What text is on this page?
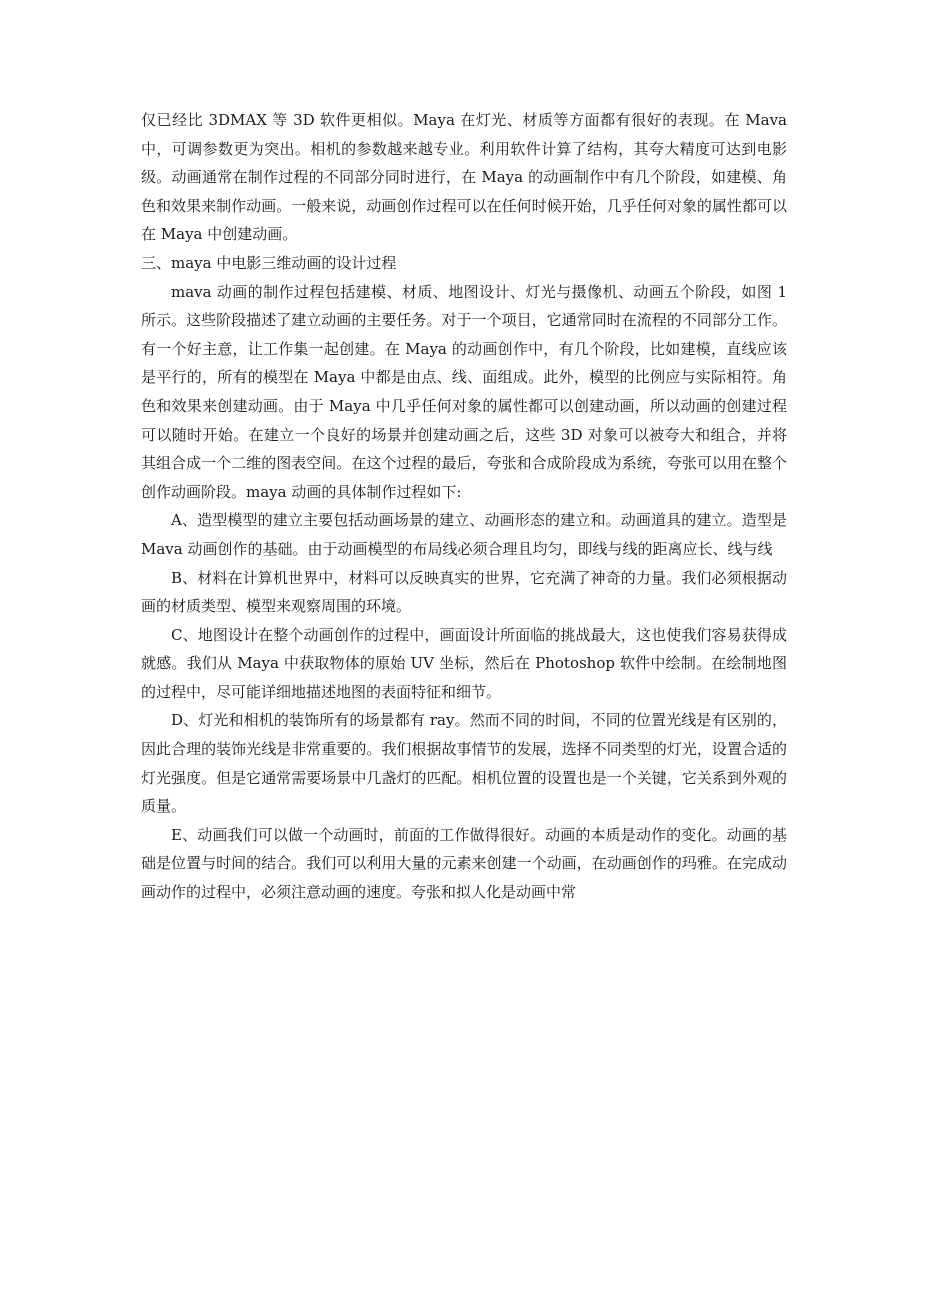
仅已经比 3DMAX 等 3D 软件更相似。Maya 在灯光、材质等方面都有很好的表现。在 Mava 中，可调参数更为突出。相机的参数越来越专业。利用软件计算了结构，其夸大精度可达到电影级。动画通常在制作过程的不同部分同时进行，在 Maya 的动画制作中有几个阶段，如建模、角色和效果来制作动画。一般来说，动画创作过程可以在任何时候开始，几乎任何对象的属性都可以在 Maya 中创建动画。

三、maya 中电影三维动画的设计过程

mava 动画的制作过程包括建模、材质、地图设计、灯光与摄像机、动画五个阶段，如图 1 所示。这些阶段描述了建立动画的主要任务。对于一个项目，它通常同时在流程的不同部分工作。有一个好主意，让工作集一起创建。在 Maya 的动画创作中，有几个阶段，比如建模，直线应该是平行的，所有的模型在 Maya 中都是由点、线、面组成。此外，模型的比例应与实际相符。角色和效果来创建动画。由于 Maya 中几乎任何对象的属性都可以创建动画，所以动画的创建过程可以随时开始。在建立一个良好的场景并创建动画之后，这些 3D 对象可以被夸大和组合，并将其组合成一个二维的图表空间。在这个过程的最后，夸张和合成阶段成为系统，夸张可以用在整个创作动画阶段。maya 动画的具体制作过程如下:

A、造型模型的建立主要包括动画场景的建立、动画形态的建立和。动画道具的建立。造型是 Mava 动画创作的基础。由于动画模型的布局线必须合理且均匀，即线与线的距离应长、线与线

B、材料在计算机世界中，材料可以反映真实的世界，它充满了神奇的力量。我们必须根据动画的材质类型、模型来观察周围的环境。

C、地图设计在整个动画创作的过程中，画面设计所面临的挑战最大，这也使我们容易获得成就感。我们从 Maya 中获取物体的原始 UV 坐标，然后在 Photoshop 软件中绘制。在绘制地图的过程中，尽可能详细地描述地图的表面特征和细节。

D、灯光和相机的装饰所有的场景都有 ray。然而不同的时间，不同的位置光线是有区别的，因此合理的装饰光线是非常重要的。我们根据故事情节的发展，选择不同类型的灯光，设置合适的灯光强度。但是它通常需要场景中几盏灯的匹配。相机位置的设置也是一个关键，它关系到外观的质量。

E、动画我们可以做一个动画时，前面的工作做得很好。动画的本质是动作的变化。动画的基础是位置与时间的结合。我们可以利用大量的元素来创建一个动画，在动画创作的玛雅。在完成动画动作的过程中，必须注意动画的速度。夸张和拟人化是动画中常
